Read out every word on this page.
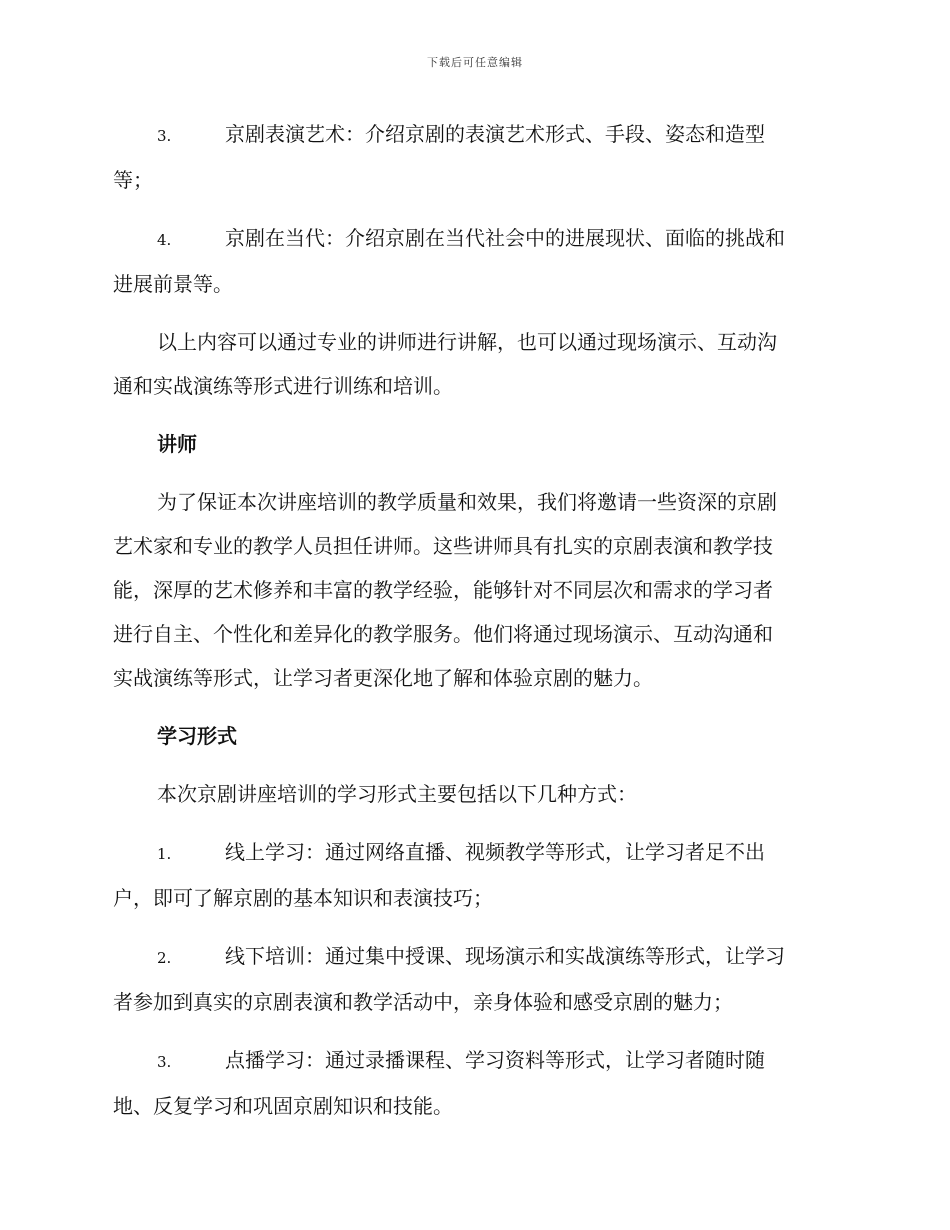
下载后可任意编辑
3.	京剧表演艺术：介绍京剧的表演艺术形式、手段、姿态和造型
等；
4.	京剧在当代：介绍京剧在当代社会中的进展现状、面临的挑战和
进展前景等。
以上内容可以通过专业的讲师进行讲解，也可以通过现场演示、互动沟
通和实战演练等形式进行训练和培训。
讲师
为了保证本次讲座培训的教学质量和效果，我们将邀请一些资深的京剧
艺术家和专业的教学人员担任讲师。这些讲师具有扎实的京剧表演和教学技
能，深厚的艺术修养和丰富的教学经验，能够针对不同层次和需求的学习者
进行自主、个性化和差异化的教学服务。他们将通过现场演示、互动沟通和
实战演练等形式，让学习者更深化地了解和体验京剧的魅力。
学习形式
本次京剧讲座培训的学习形式主要包括以下几种方式：
1.	线上学习：通过网络直播、视频教学等形式，让学习者足不出
户，即可了解京剧的基本知识和表演技巧；
2.	线下培训：通过集中授课、现场演示和实战演练等形式，让学习
者参加到真实的京剧表演和教学活动中，亲身体验和感受京剧的魅力；
3.	点播学习：通过录播课程、学习资料等形式，让学习者随时随
地、反复学习和巩固京剧知识和技能。
